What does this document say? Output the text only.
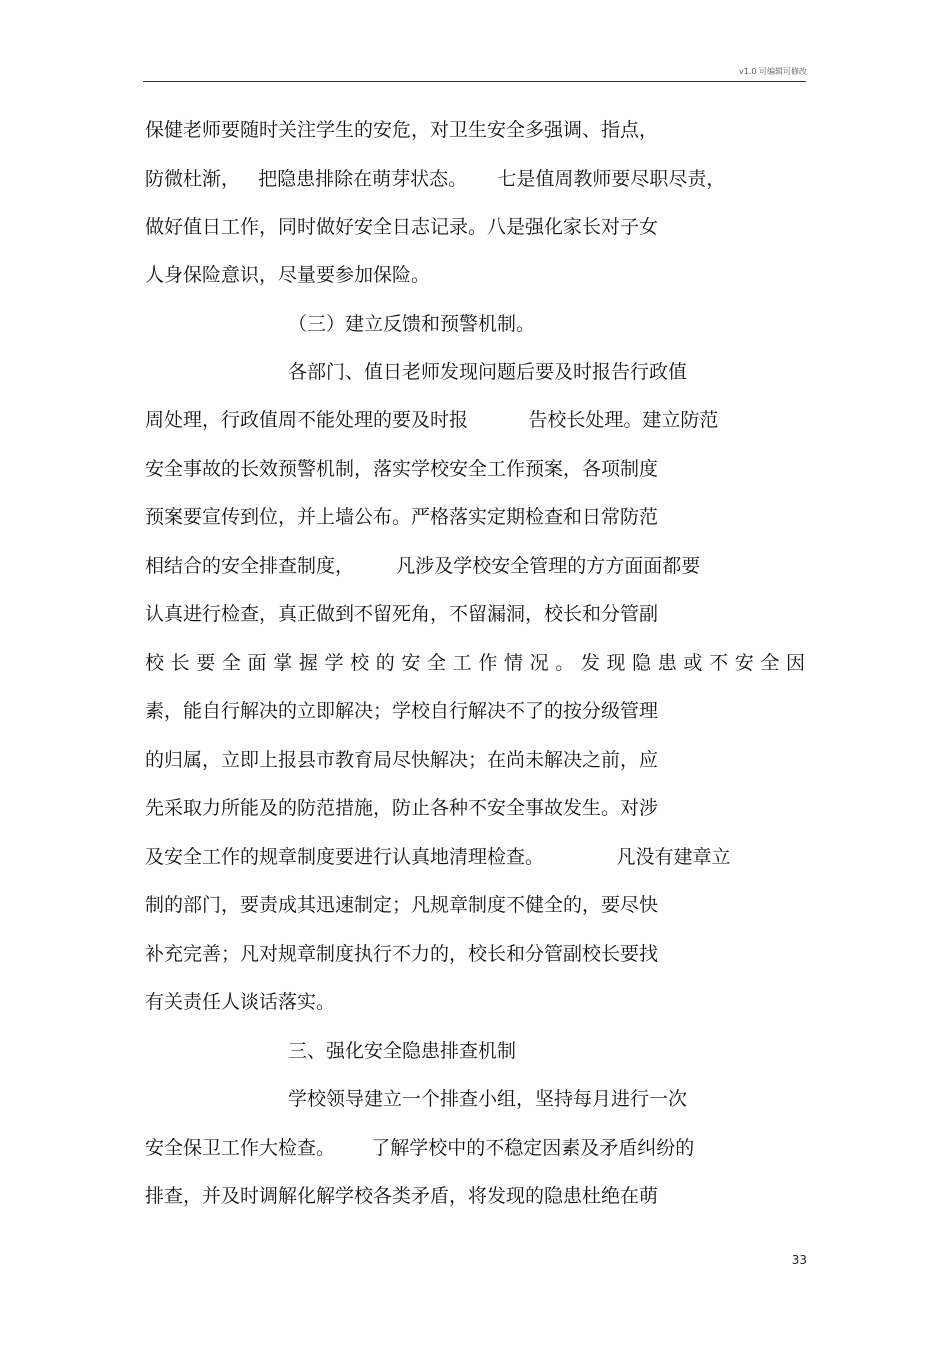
v1.0 可编辑可修改

保健老师要随时关注学生的安危，对卫生安全多强调、指点，

防微杜渐，   把隐患排除在萌芽状态。     七是值周教师要尽职尽责，

做好值日工作，同时做好安全日志记录。八是强化家长对子女

人身保险意识，尽量要参加保险。

（三）建立反馈和预警机制。

各部门、值日老师发现问题后要及时报告行政值

周处理，行政值周不能处理的要及时报          告校长处理。建立防范

安全事故的长效预警机制，落实学校安全工作预案，各项制度

预案要宣传到位，并上墙公布。严格落实定期检查和日常防范

相结合的安全排查制度，       凡涉及学校安全管理的方方面面都要

认真进行检查，真正做到不留死角，不留漏洞，校长和分管副

校长要全面掌握学校的安全工作情况。发现隐患或不安全因

素，能自行解决的立即解决；学校自行解决不了的按分级管理

的归属，立即上报县市教育局尽快解决；在尚未解决之前，应

先采取力所能及的防范措施，防止各种不安全事故发生。对涉

及安全工作的规章制度要进行认真地清理检查。            凡没有建章立

制的部门，要责成其迅速制定；凡规章制度不健全的，要尽快

补充完善；凡对规章制度执行不力的，校长和分管副校长要找

有关责任人谈话落实。

三、强化安全隐患排查机制

学校领导建立一个排查小组，坚持每月进行一次

安全保卫工作大检查。      了解学校中的不稳定因素及矛盾纠纷的

排查，并及时调解化解学校各类矛盾，将发现的隐患杜绝在萌

33
